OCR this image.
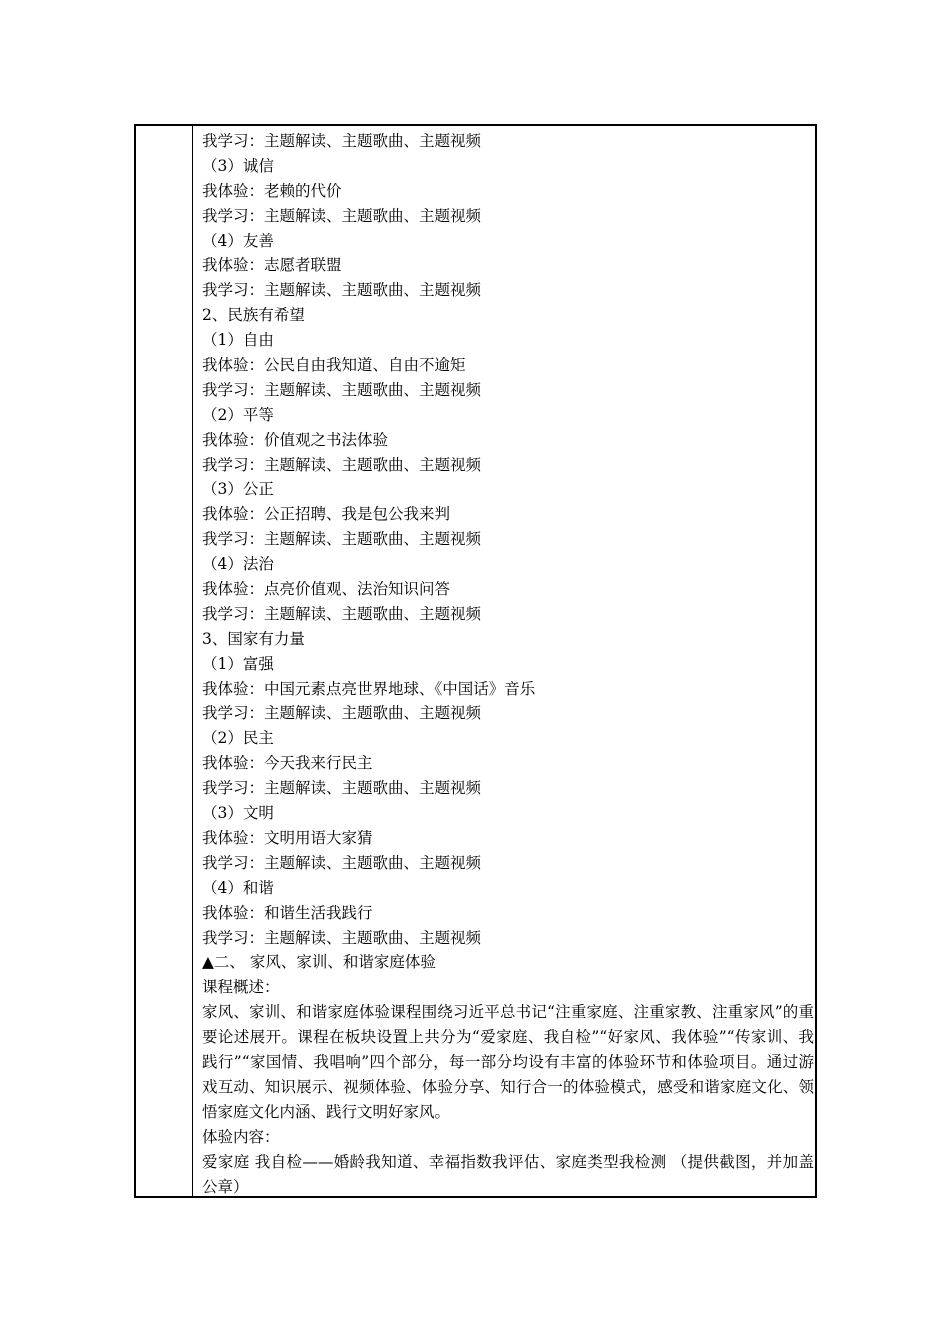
我学习：主题解读、主题歌曲、主题视频
（3）诚信
我体验：老赖的代价
我学习：主题解读、主题歌曲、主题视频
（4）友善
我体验：志愿者联盟
我学习：主题解读、主题歌曲、主题视频
2、民族有希望
（1）自由
我体验：公民自由我知道、自由不逾矩
我学习：主题解读、主题歌曲、主题视频
（2）平等
我体验：价值观之书法体验
我学习：主题解读、主题歌曲、主题视频
（3）公正
我体验：公正招聘、我是包公我来判
我学习：主题解读、主题歌曲、主题视频
（4）法治
我体验：点亮价值观、法治知识问答
我学习：主题解读、主题歌曲、主题视频
3、国家有力量
（1）富强
我体验：中国元素点亮世界地球、《中国话》音乐
我学习：主题解读、主题歌曲、主题视频
（2）民主
我体验：今天我来行民主
我学习：主题解读、主题歌曲、主题视频
（3）文明
我体验：文明用语大家猜
我学习：主题解读、主题歌曲、主题视频
（4）和谐
我体验：和谐生活我践行
我学习：主题解读、主题歌曲、主题视频
▲二、 家风、家训、和谐家庭体验
课程概述：

家风、家训、和谐家庭体验课程围绕习近平总书记“注重家庭、注重家教、注重家风”的重要论述展开。课程在板块设置上共分为“爱家庭、我自检”“好家风、我体验”“传家训、我践行”“家国情、我唱响”四个部分，每一部分均设有丰富的体验环节和体验项目。通过游戏互动、知识展示、视频体验、体验分享、知行合一的体验模式，感受和谐家庭文化、领悟家庭文化内涵、践行文明好家风。

体验内容：

爱家庭 我自检——婚龄我知道、幸福指数我评估、家庭类型我检测 （提供截图，并加盖公章）
